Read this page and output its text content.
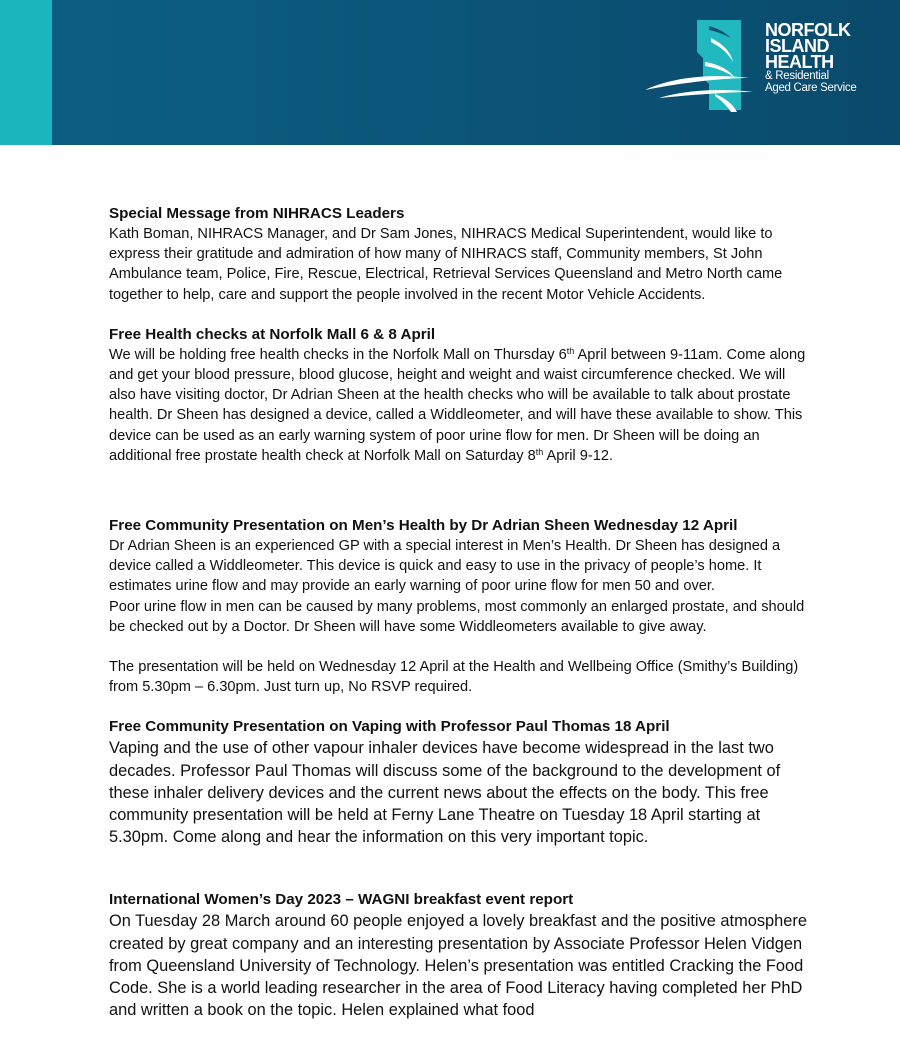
NORFOLK
ISLAND
HEALTH
& Residential
Aged Care Service
Special Message from NIHRACS Leaders

Kath Boman, NIHRACS Manager, and Dr Sam Jones, NIHRACS Medical Superintendent, would like to express their gratitude and admiration of how many of NIHRACS staff, Community members, St John Ambulance team, Police, Fire, Rescue, Electrical, Retrieval Services Queensland and Metro North came together to help, care and support the people involved in the recent Motor Vehicle Accidents.

Free Health checks at Norfolk Mall 6 & 8 April

We will be holding free health checks in the Norfolk Mall on Thursday 6th April between 9-11am. Come along and get your blood pressure, blood glucose, height and weight and waist circumference checked. We will also have visiting doctor, Dr Adrian Sheen at the health checks who will be available to talk about prostate health. Dr Sheen has designed a device, called a Widdleometer, and will have these available to show. This device can be used as an early warning system of poor urine flow for men. Dr Sheen will be doing an additional free prostate health check at Norfolk Mall on Saturday 8th April 9-12.

Free Community Presentation on Men’s Health by Dr Adrian Sheen Wednesday 12 April

Dr Adrian Sheen is an experienced GP with a special interest in Men’s Health. Dr Sheen has designed a device called a Widdleometer. This device is quick and easy to use in the privacy of people’s home. It estimates urine flow and may provide an early warning of poor urine flow for men 50 and over.

Poor urine flow in men can be caused by many problems, most commonly an enlarged prostate, and should be checked out by a Doctor. Dr Sheen will have some Widdleometers available to give away.

The presentation will be held on Wednesday 12 April at the Health and Wellbeing Office (Smithy’s Building) from 5.30pm – 6.30pm. Just turn up, No RSVP required.

Free Community Presentation on Vaping with Professor Paul Thomas 18 April

Vaping and the use of other vapour inhaler devices have become widespread in the last two decades. Professor Paul Thomas will discuss some of the background to the development of these inhaler delivery devices and the current news about the effects on the body. This free community presentation will be held at Ferny Lane Theatre on Tuesday 18 April starting at 5.30pm. Come along and hear the information on this very important topic.

International Women’s Day 2023 – WAGNI breakfast event report

On Tuesday 28 March around 60 people enjoyed a lovely breakfast and the positive atmosphere created by great company and an interesting presentation by Associate Professor Helen Vidgen from Queensland University of Technology. Helen’s presentation was entitled Cracking the Food Code. She is a world leading researcher in the area of Food Literacy having completed her PhD and written a book on the topic. Helen explained what food
